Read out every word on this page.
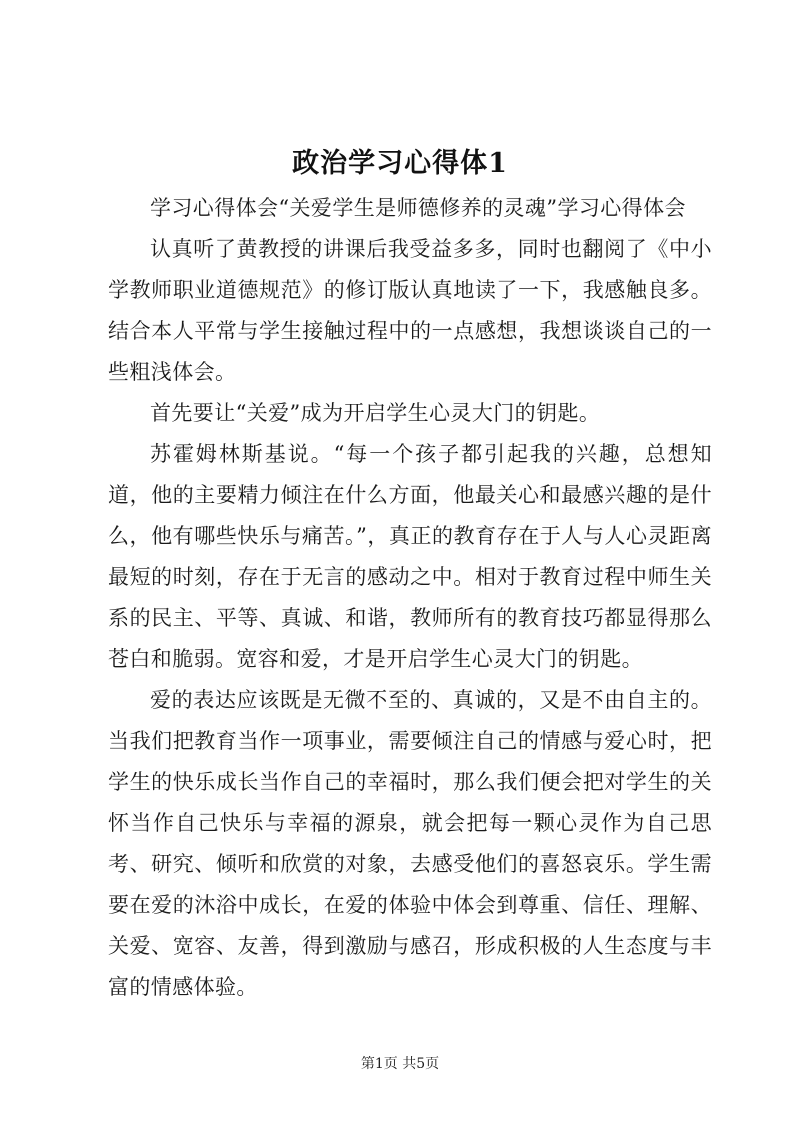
政治学习心得体1

学习心得体会“关爱学生是师德修养的灵魂”学习心得体会

认真听了黄教授的讲课后我受益多多，同时也翻阅了《中小学教师职业道德规范》的修订版认真地读了一下，我感触良多。结合本人平常与学生接触过程中的一点感想，我想谈谈自己的一些粗浅体会。

首先要让“关爱”成为开启学生心灵大门的钥匙。

苏霍姆林斯基说。“每一个孩子都引起我的兴趣，总想知道，他的主要精力倾注在什么方面，他最关心和最感兴趣的是什么，他有哪些快乐与痛苦。”，真正的教育存在于人与人心灵距离最短的时刻，存在于无言的感动之中。相对于教育过程中师生关系的民主、平等、真诚、和谐，教师所有的教育技巧都显得那么苍白和脆弱。宽容和爱，才是开启学生心灵大门的钥匙。

爱的表达应该既是无微不至的、真诚的，又是不由自主的。当我们把教育当作一项事业，需要倾注自己的情感与爱心时，把学生的快乐成长当作自己的幸福时，那么我们便会把对学生的关怀当作自己快乐与幸福的源泉，就会把每一颗心灵作为自己思考、研究、倾听和欣赏的对象，去感受他们的喜怒哀乐。学生需要在爱的沐浴中成长，在爱的体验中体会到尊重、信任、理解、关爱、宽容、友善，得到激励与感召，形成积极的人生态度与丰富的情感体验。

第1页 共5页
